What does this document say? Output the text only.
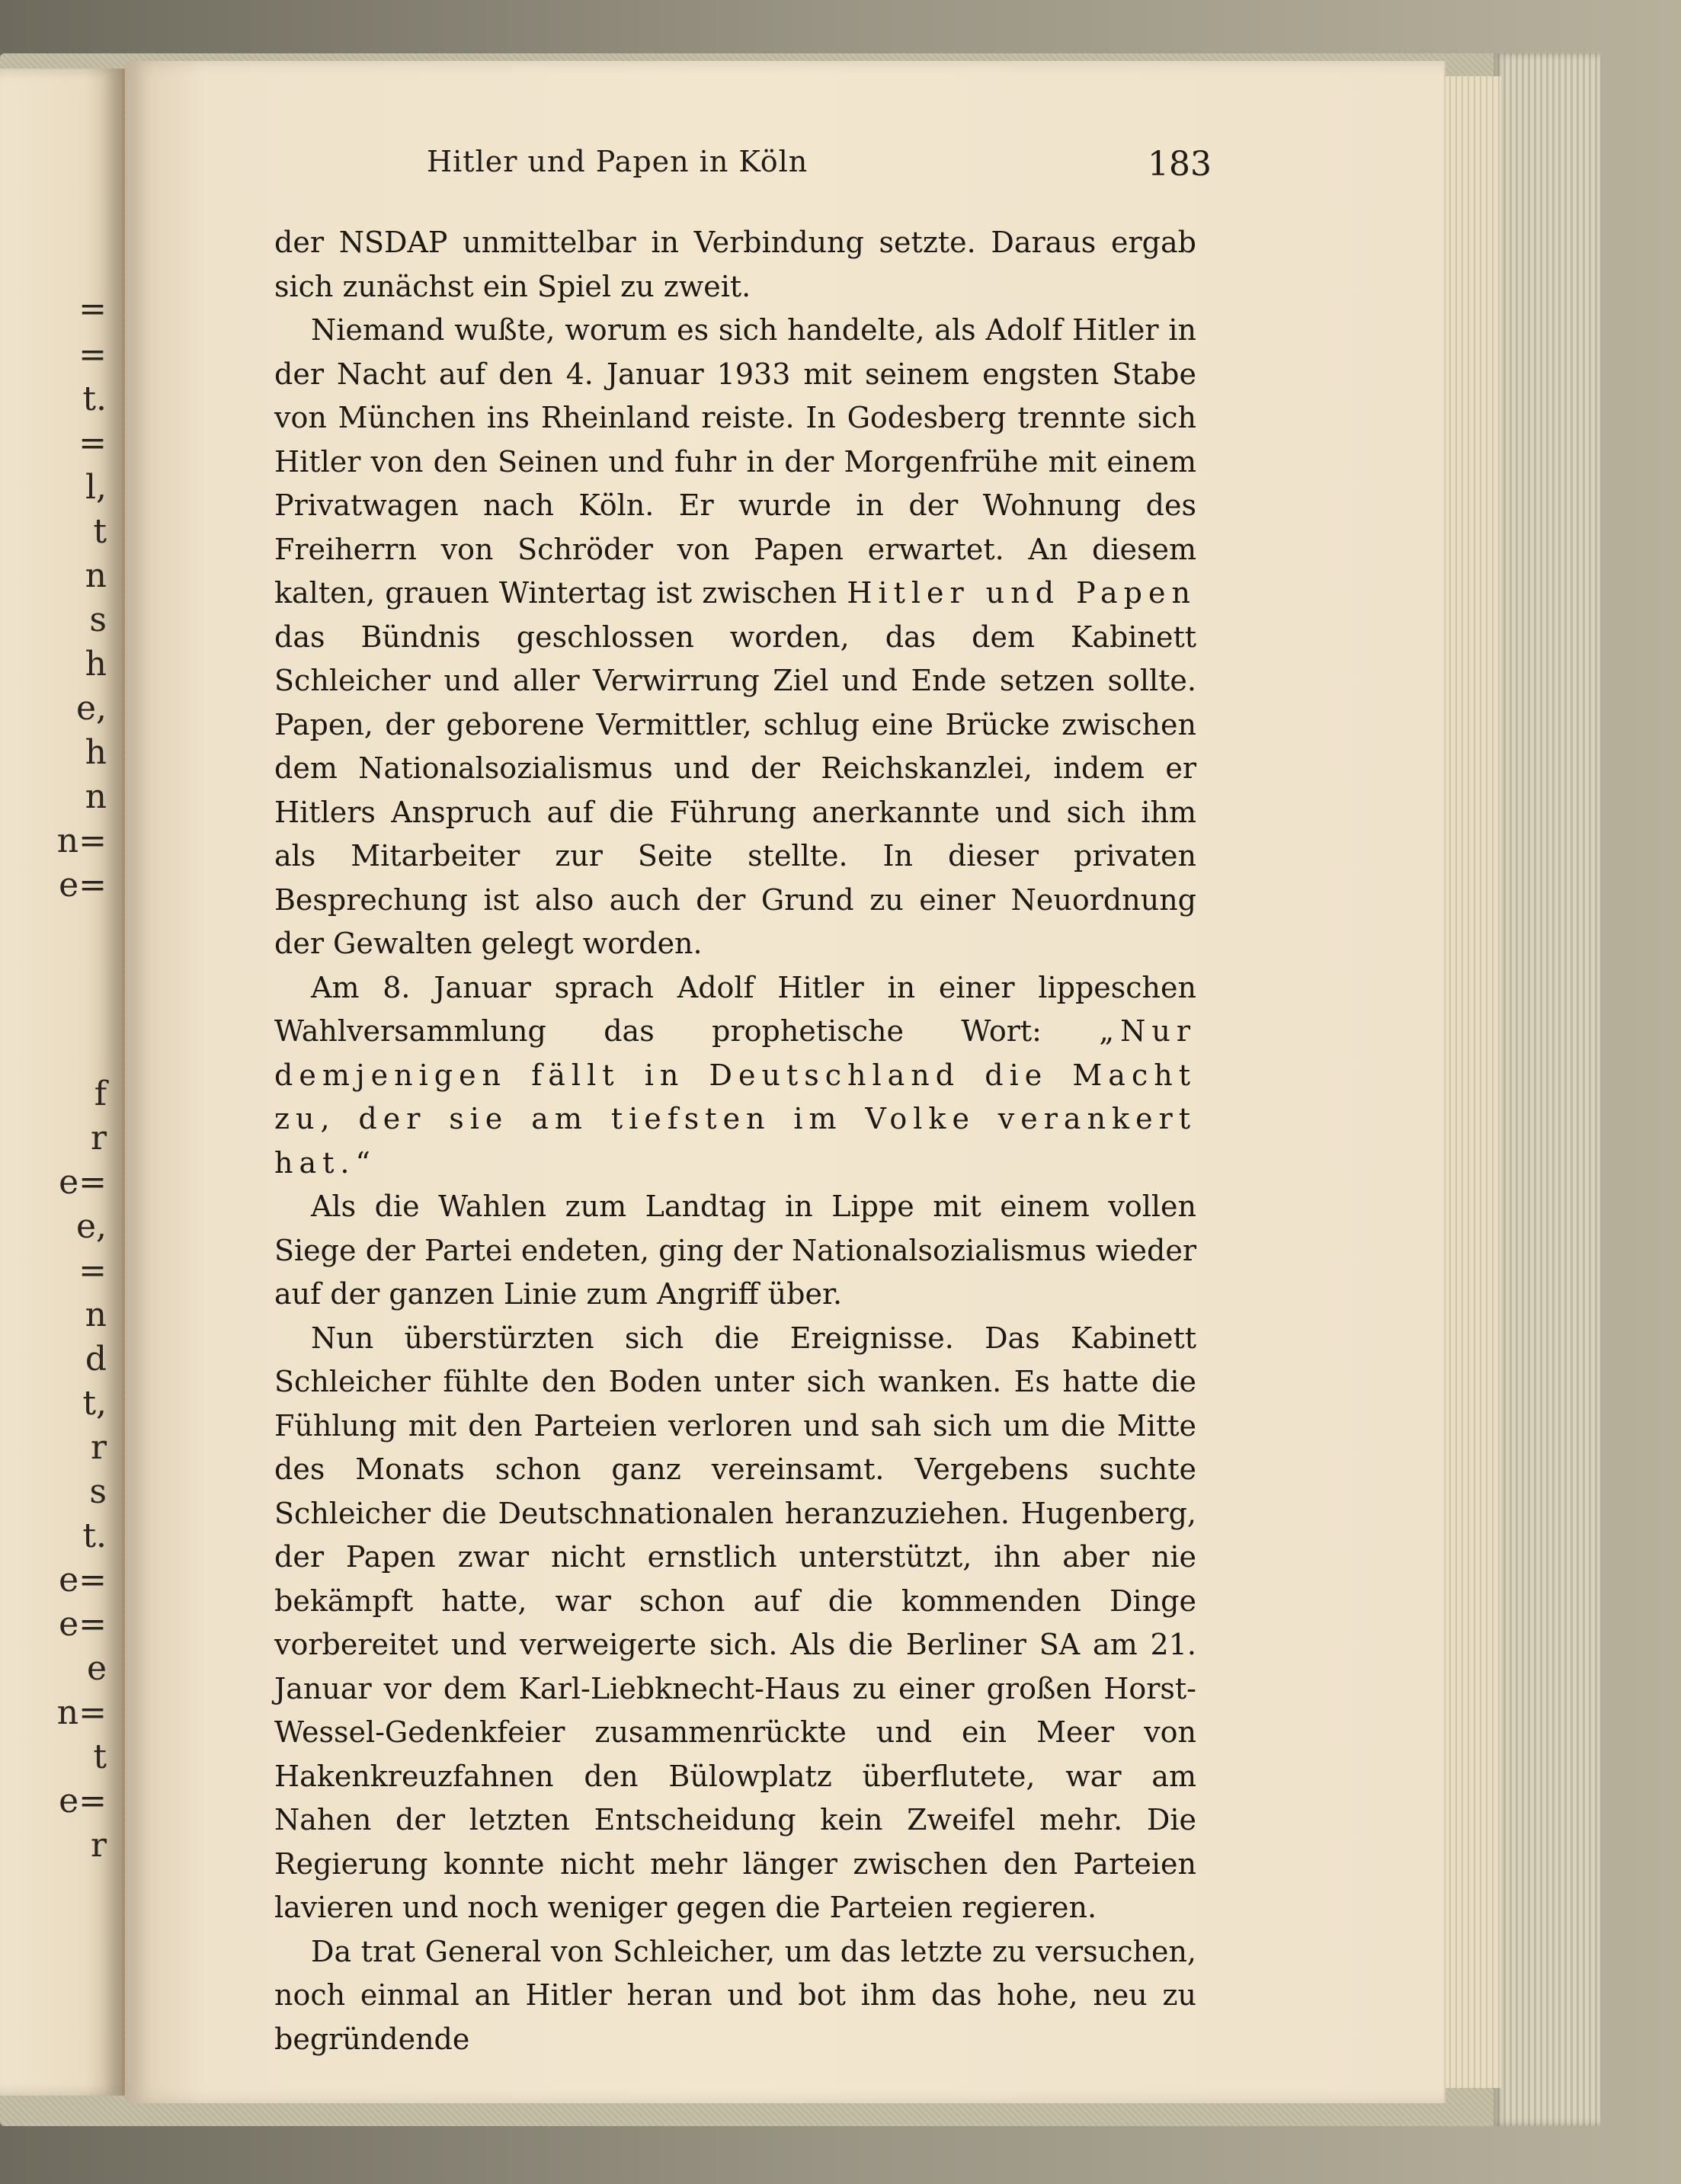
=
=
t.
=
l,
t
n
s
h
e,
h
n
n=
e=
f
r
e=
e,
=
n
d
t,
r
s
t.
e=
e=
e
n=
t
e=
r
Hitler und Papen in Köln	183

der NSDAP unmittelbar in Verbindung setzte. Daraus ergab sich zunächst ein Spiel zu zweit.

Niemand wußte, worum es sich handelte, als Adolf Hitler in der Nacht auf den 4. Januar 1933 mit seinem engsten Stabe von München ins Rheinland reiste. In Godesberg trennte sich Hitler von den Seinen und fuhr in der Morgenfrühe mit einem Privatwagen nach Köln. Er wurde in der Wohnung des Freiherrn von Schröder von Papen erwartet. An diesem kalten, grauen Wintertag ist zwischen Hitler und Papen das Bündnis geschlossen worden, das dem Kabinett Schleicher und aller Verwirrung Ziel und Ende setzen sollte. Papen, der geborene Vermittler, schlug eine Brücke zwischen dem Nationalsozialismus und der Reichskanzlei, indem er Hitlers Anspruch auf die Führung anerkannte und sich ihm als Mitarbeiter zur Seite stellte. In dieser privaten Besprechung ist also auch der Grund zu einer Neuordnung der Gewalten gelegt worden.

Am 8. Januar sprach Adolf Hitler in einer lippeschen Wahlversammlung das prophetische Wort: „Nur demjenigen fällt in Deutschland die Macht zu, der sie am tiefsten im Volke verankert hat.“

Als die Wahlen zum Landtag in Lippe mit einem vollen Siege der Partei endeten, ging der Nationalsozialismus wieder auf der ganzen Linie zum Angriff über.

Nun überstürzten sich die Ereignisse. Das Kabinett Schleicher fühlte den Boden unter sich wanken. Es hatte die Fühlung mit den Parteien verloren und sah sich um die Mitte des Monats schon ganz vereinsamt. Vergebens suchte Schleicher die Deutschnationalen heranzuziehen. Hugenberg, der Papen zwar nicht ernstlich unterstützt, ihn aber nie bekämpft hatte, war schon auf die kommenden Dinge vorbereitet und verweigerte sich. Als die Berliner SA am 21. Januar vor dem Karl-Liebknecht-Haus zu einer großen Horst-Wessel-Gedenkfeier zusammenrückte und ein Meer von Hakenkreuzfahnen den Bülowplatz überflutete, war am Nahen der letzten Entscheidung kein Zweifel mehr. Die Regierung konnte nicht mehr länger zwischen den Parteien lavieren und noch weniger gegen die Parteien regieren.

Da trat General von Schleicher, um das letzte zu versuchen, noch einmal an Hitler heran und bot ihm das hohe, neu zu begründende
